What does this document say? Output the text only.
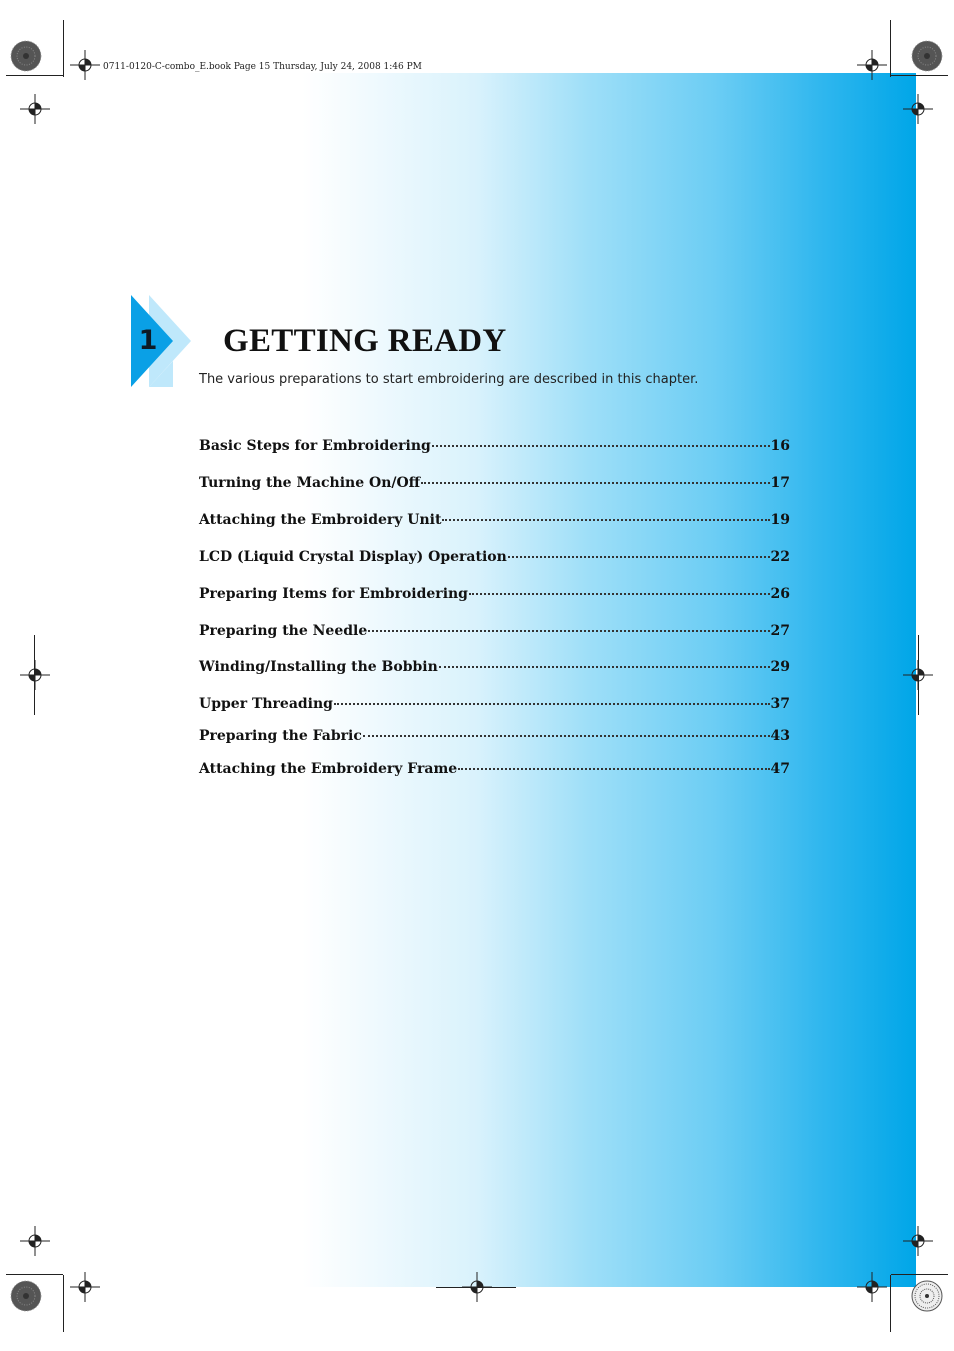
0711-0120-C-combo_E.book Page 15 Thursday, July 24, 2008 1:46 PM
1 GETTING READY

The various preparations to start embroidering are described in this chapter.

Basic Steps for Embroidering	16
Turning the Machine On/Off	17
Attaching the Embroidery Unit	19
LCD (Liquid Crystal Display) Operation	22
Preparing Items for Embroidering	26
Preparing the Needle	27
Winding/Installing the Bobbin	29
Upper Threading	37
Preparing the Fabric	43
Attaching the Embroidery Frame	47
